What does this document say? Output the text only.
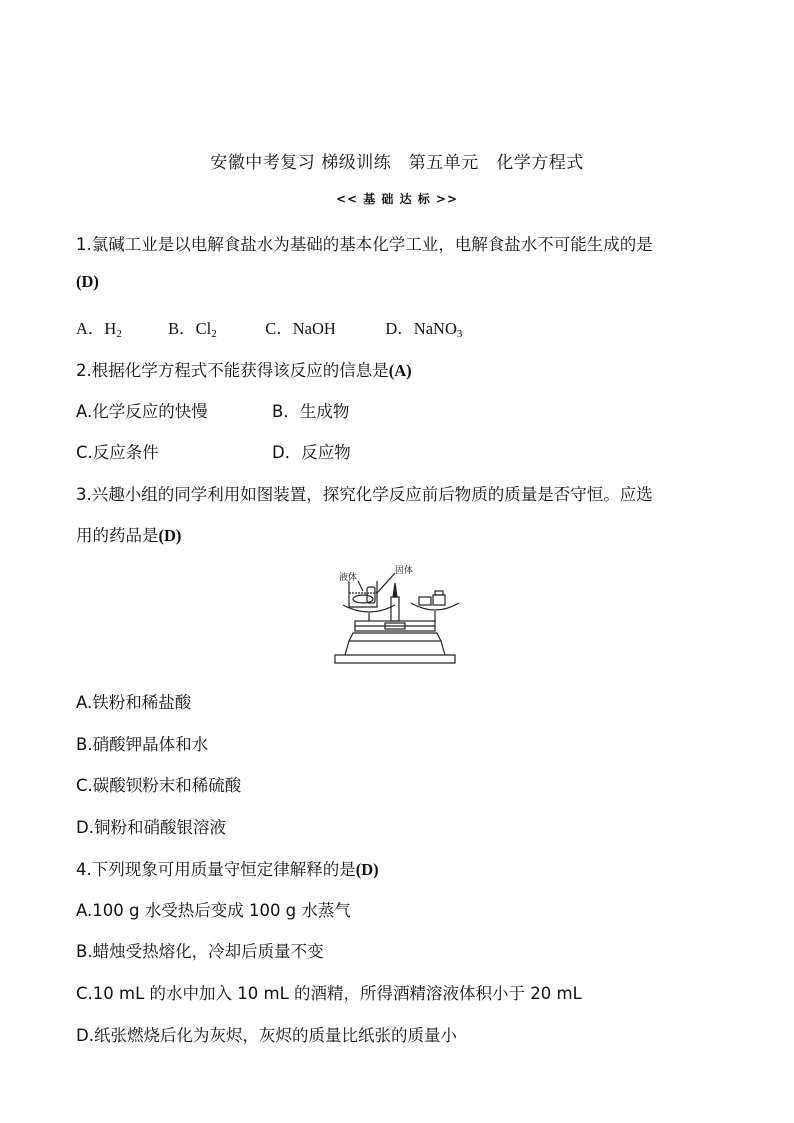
安徽中考复习 梯级训练　第五单元　化学方程式
<< 基 础 达 标 >>
1.氯碱工业是以电解食盐水为基础的基本化学工业，电解食盐水不可能生成的是
(D)
A．$H_2$	B．$Cl_2$	C．NaOH	D．NaNO$_3$
2.根据化学方程式不能获得该反应的信息是(A)
A.化学反应的快慢	B．生成物
C.反应条件	D．反应物
3.兴趣小组的同学利用如图装置，探究化学反应前后物质的质量是否守恒。应选
用的药品是(D)
液体
固体
A.铁粉和稀盐酸
B.硝酸钾晶体和水
C.碳酸钡粉末和稀硫酸
D.铜粉和硝酸银溶液
4.下列现象可用质量守恒定律解释的是(D)
A.100 g 水受热后变成 100 g 水蒸气
B.蜡烛受热熔化，冷却后质量不变
C.10 mL 的水中加入 10 mL 的酒精，所得酒精溶液体积小于 20 mL
D.纸张燃烧后化为灰烬，灰烬的质量比纸张的质量小
